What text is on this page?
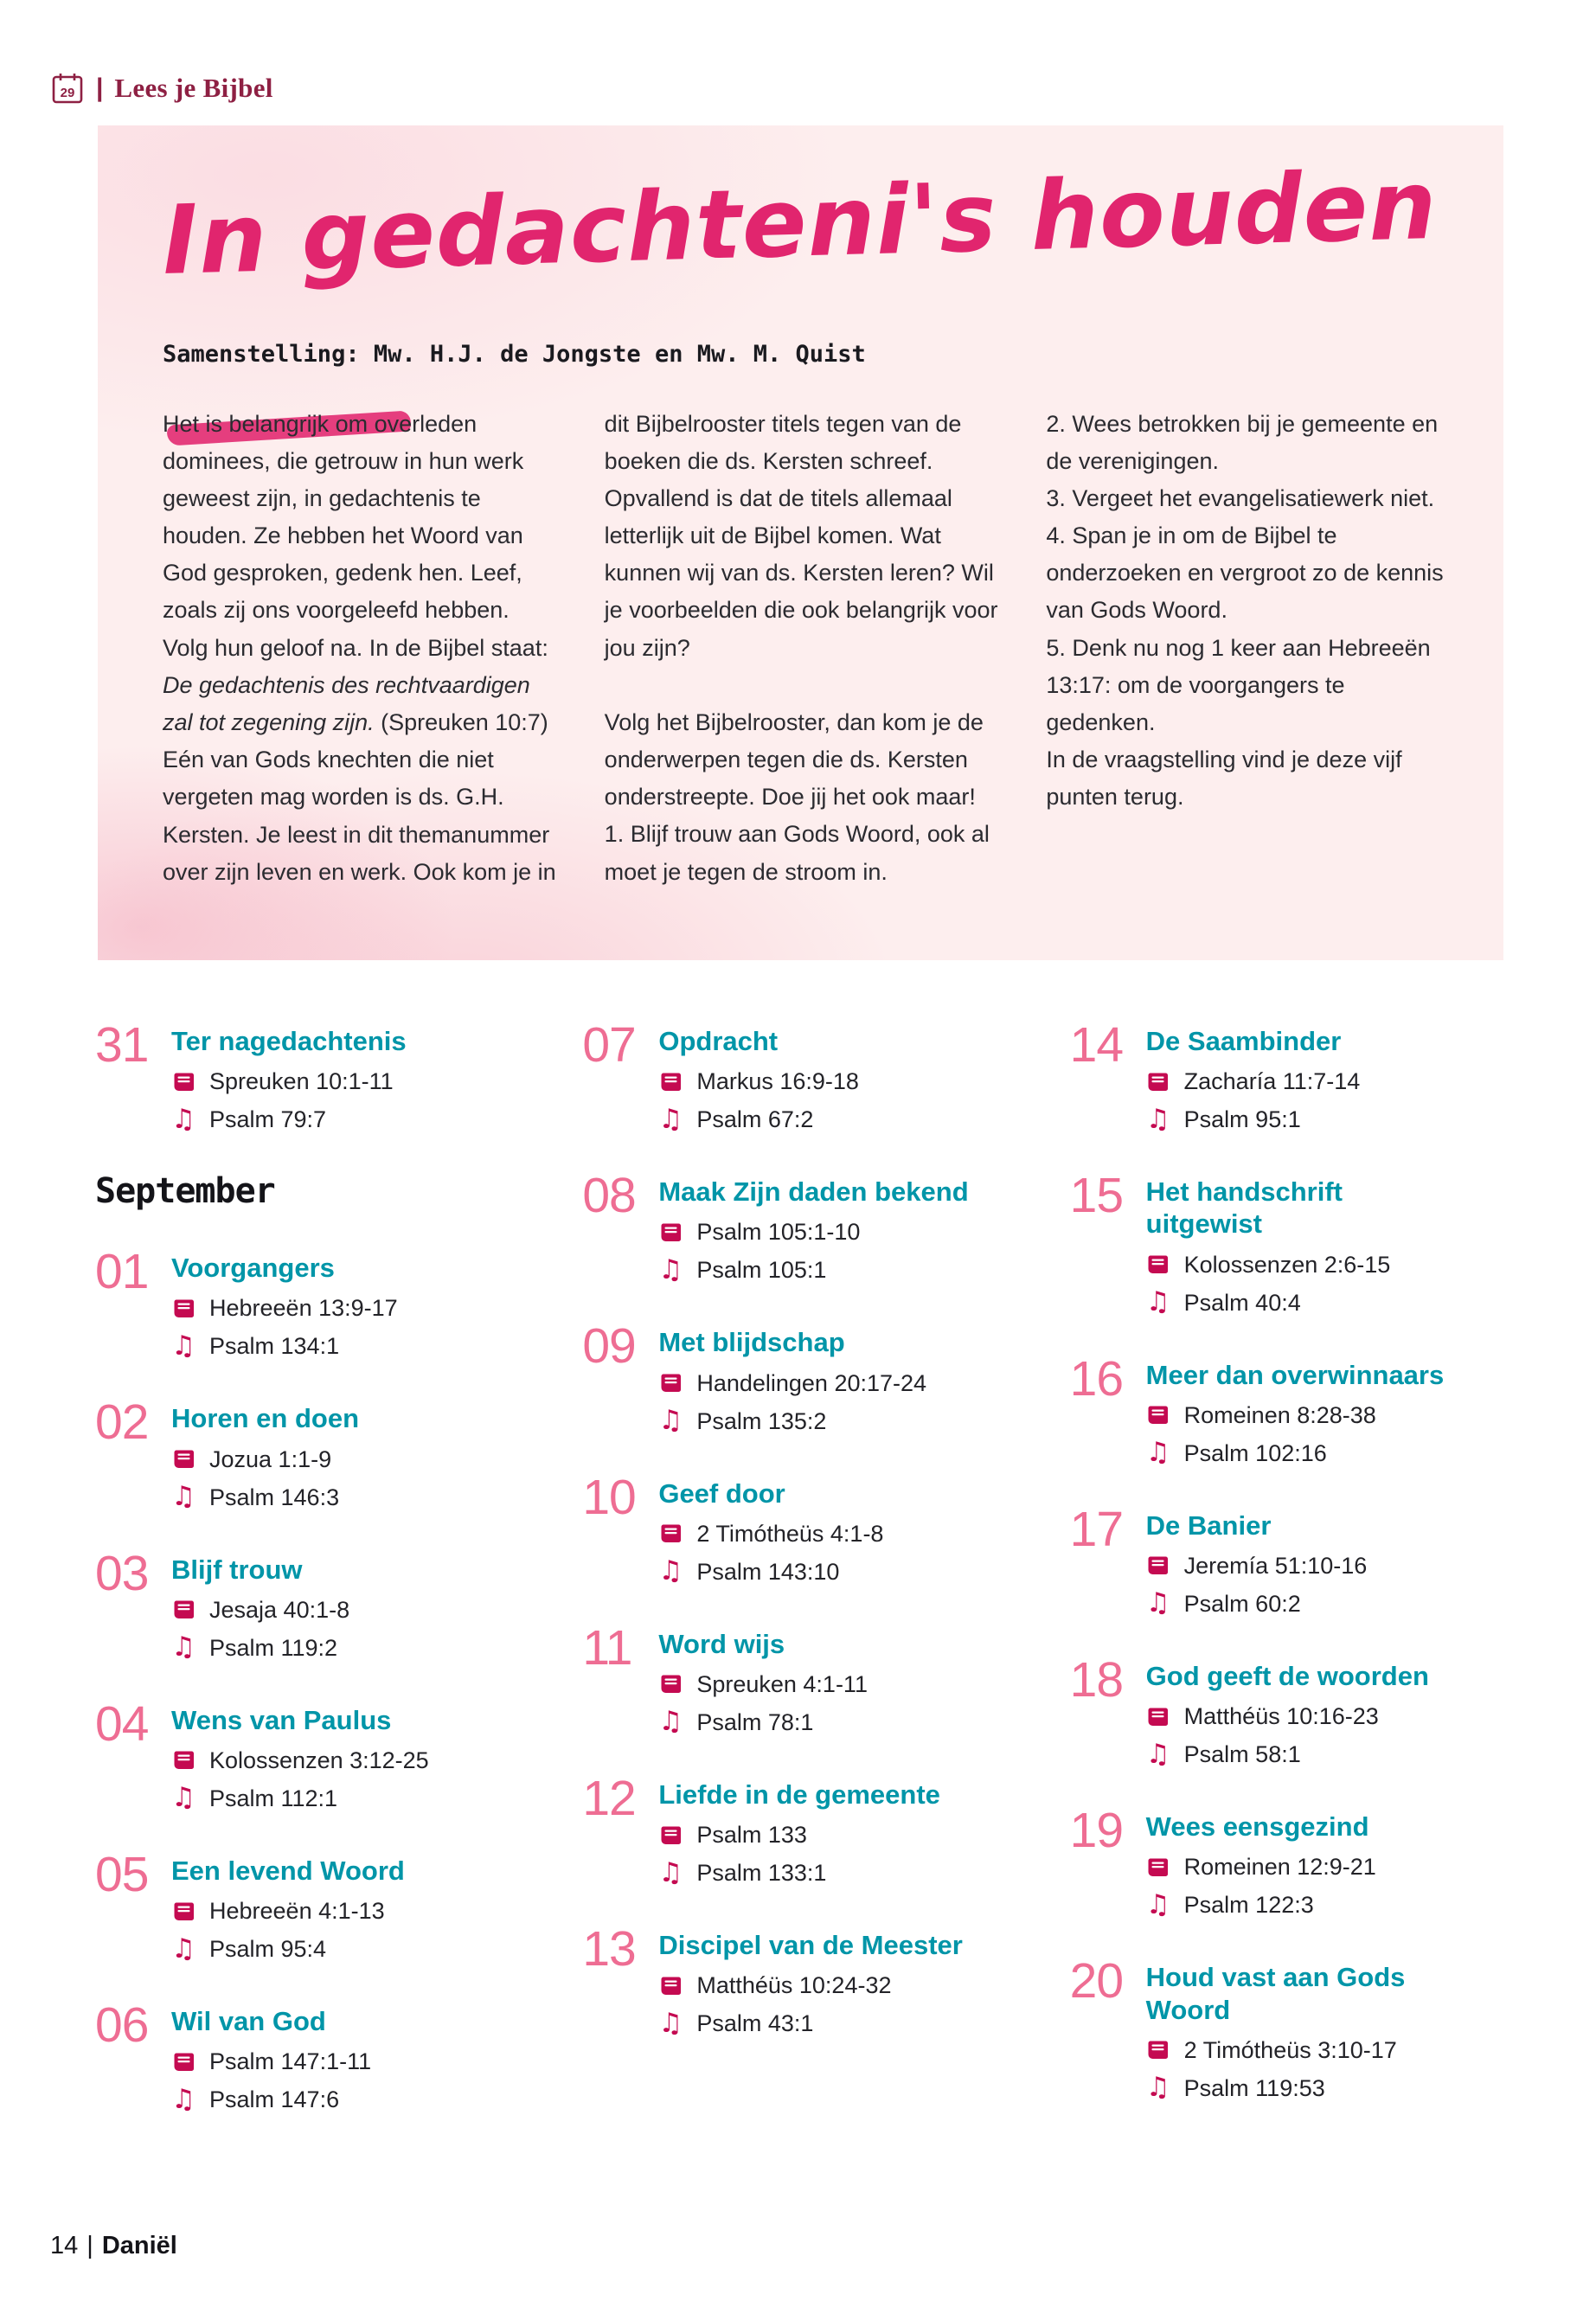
29 | Lees je Bijbel
In gedachteni's houden
Samenstelling: Mw. H.J. de Jongste en Mw. M. Quist

Het is belangrijk om overleden dominees, die getrouw in hun werk geweest zijn, in gedachtenis te houden. Ze hebben het Woord van God gesproken, gedenk hen. Leef, zoals zij ons voorgeleefd hebben. Volg hun geloof na. In de Bijbel staat: De gedachtenis des rechtvaardigen zal tot zegening zijn. (Spreuken 10:7) Eén van Gods knechten die niet vergeten mag worden is ds. G.H. Kersten. Je leest in dit themanummer over zijn leven en werk. Ook kom je in

dit Bijbelrooster titels tegen van de boeken die ds. Kersten schreef. Opvallend is dat de titels allemaal letterlijk uit de Bijbel komen. Wat kunnen wij van ds. Kersten leren? Wil je voorbeelden die ook belangrijk voor jou zijn?

Volg het Bijbelrooster, dan kom je de onderwerpen tegen die ds. Kersten onderstreepte. Doe jij het ook maar!

1. Blijf trouw aan Gods Woord, ook al moet je tegen de stroom in.

2. Wees betrokken bij je gemeente en de verenigingen.

3. Vergeet het evangelisatiewerk niet.

4. Span je in om de Bijbel te onderzoeken en vergroot zo de kennis van Gods Woord.

5. Denk nu nog 1 keer aan Hebreeën 13:17: om de voorgangers te gedenken.

In de vraagstelling vind je deze vijf punten terug.

31 Ter nagedachtenis
Spreuken 10:1-11
♫ Psalm 79:7
September
01 Voorgangers
Hebreeën 13:9-17
♫ Psalm 134:1
02 Horen en doen
Jozua 1:1-9
♫ Psalm 146:3
03 Blijf trouw
Jesaja 40:1-8
♫ Psalm 119:2
04 Wens van Paulus
Kolossenzen 3:12-25
♫ Psalm 112:1
05 Een levend Woord
Hebreeën 4:1-13
♫ Psalm 95:4
06 Wil van God
Psalm 147:1-11
♫ Psalm 147:6
07 Opdracht
Markus 16:9-18
♫ Psalm 67:2
08 Maak Zijn daden bekend
Psalm 105:1-10
♫ Psalm 105:1
09 Met blijdschap
Handelingen 20:17-24
♫ Psalm 135:2
10 Geef door
2 Timótheüs 4:1-8
♫ Psalm 143:10
11 Word wijs
Spreuken 4:1-11
♫ Psalm 78:1
12 Liefde in de gemeente
Psalm 133
♫ Psalm 133:1
13 Discipel van de Meester
Matthéüs 10:24-32
♫ Psalm 43:1
14 De Saambinder
Zacharía 11:7-14
♫ Psalm 95:1
15 Het handschrift uitgewist
Kolossenzen 2:6-15
♫ Psalm 40:4
16 Meer dan overwinnaars
Romeinen 8:28-38
♫ Psalm 102:16
17 De Banier
Jeremía 51:10-16
♫ Psalm 60:2
18 God geeft de woorden
Matthéüs 10:16-23
♫ Psalm 58:1
19 Wees eensgezind
Romeinen 12:9-21
♫ Psalm 122:3
20 Houd vast aan Gods Woord
2 Timótheüs 3:10-17
♫ Psalm 119:53
14 | Daniël
